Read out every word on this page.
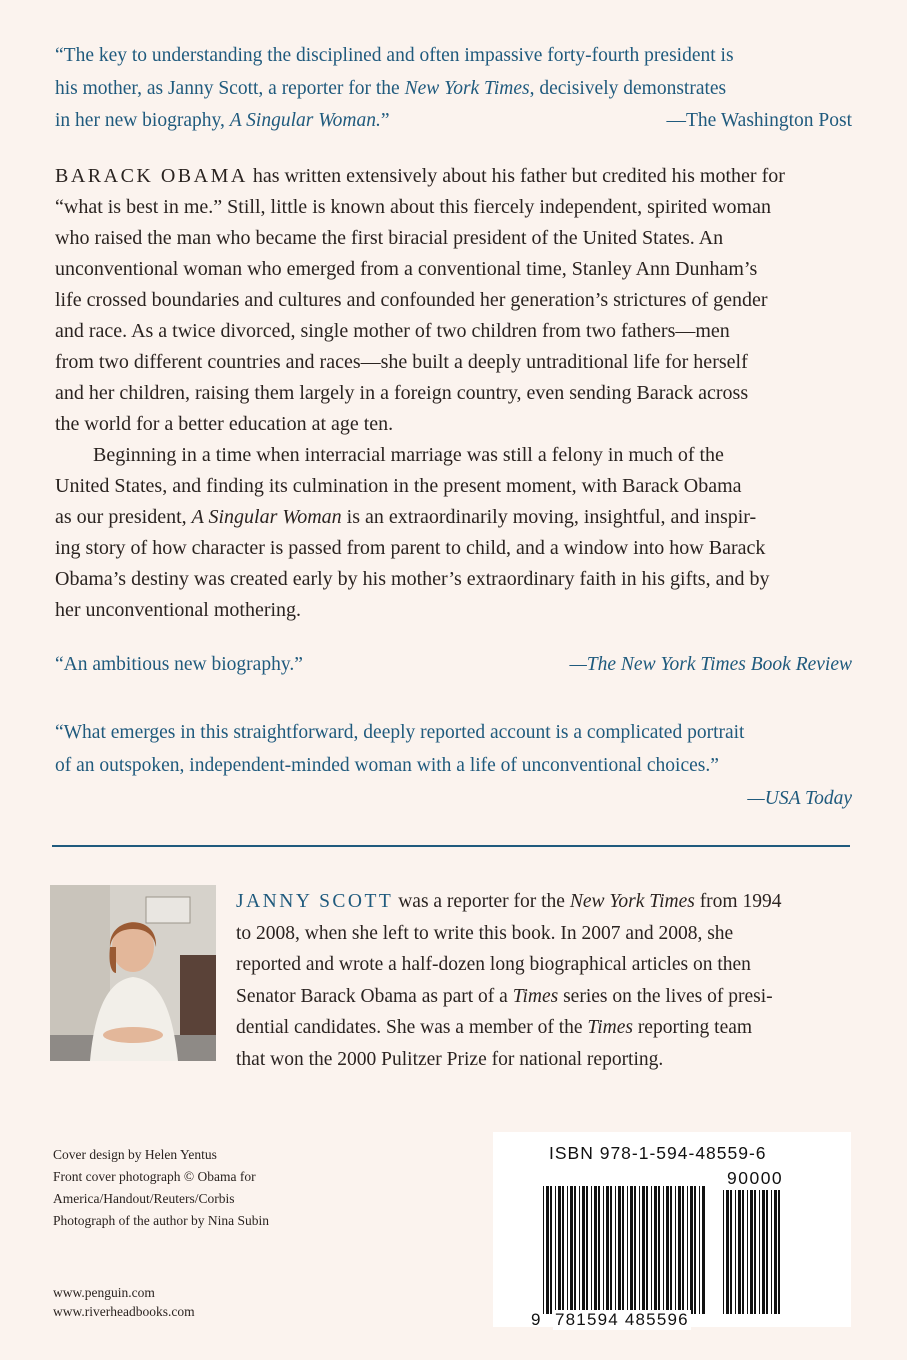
“The key to understanding the disciplined and often impassive forty-fourth president is
his mother, as Janny Scott, a reporter for the New York Times, decisively demonstrates
in her new biography, A Singular Woman.”	—The Washington Post
BARACK OBAMA has written extensively about his father but credited his mother for
“what is best in me.” Still, little is known about this fiercely independent, spirited woman
who raised the man who became the first biracial president of the United States. An
unconventional woman who emerged from a conventional time, Stanley Ann Dunham’s
life crossed boundaries and cultures and confounded her generation’s strictures of gender
and race. As a twice divorced, single mother of two children from two fathers—men
from two different countries and races—she built a deeply untraditional life for herself
and her children, raising them largely in a foreign country, even sending Barack across
the world for a better education at age ten.
Beginning in a time when interracial marriage was still a felony in much of the
United States, and finding its culmination in the present moment, with Barack Obama
as our president, A Singular Woman is an extraordinarily moving, insightful, and inspir-
ing story of how character is passed from parent to child, and a window into how Barack
Obama’s destiny was created early by his mother’s extraordinary faith in his gifts, and by
her unconventional mothering.
“An ambitious new biography.”	—The New York Times Book Review
“What emerges in this straightforward, deeply reported account is a complicated portrait
of an outspoken, independent-minded woman with a life of unconventional choices.”
—USA Today
JANNY SCOTT was a reporter for the New York Times from 1994
to 2008, when she left to write this book. In 2007 and 2008, she
reported and wrote a half-dozen long biographical articles on then
Senator Barack Obama as part of a Times series on the lives of presi-
dential candidates. She was a member of the Times reporting team
that won the 2000 Pulitzer Prize for national reporting.
Cover design by Helen Yentus
Front cover photograph © Obama for
America/Handout/Reuters/Corbis
Photograph of the author by Nina Subin
www.penguin.com
www.riverheadbooks.com
ISBN 978-1-594-48559-6
90000
9 781594 485596
